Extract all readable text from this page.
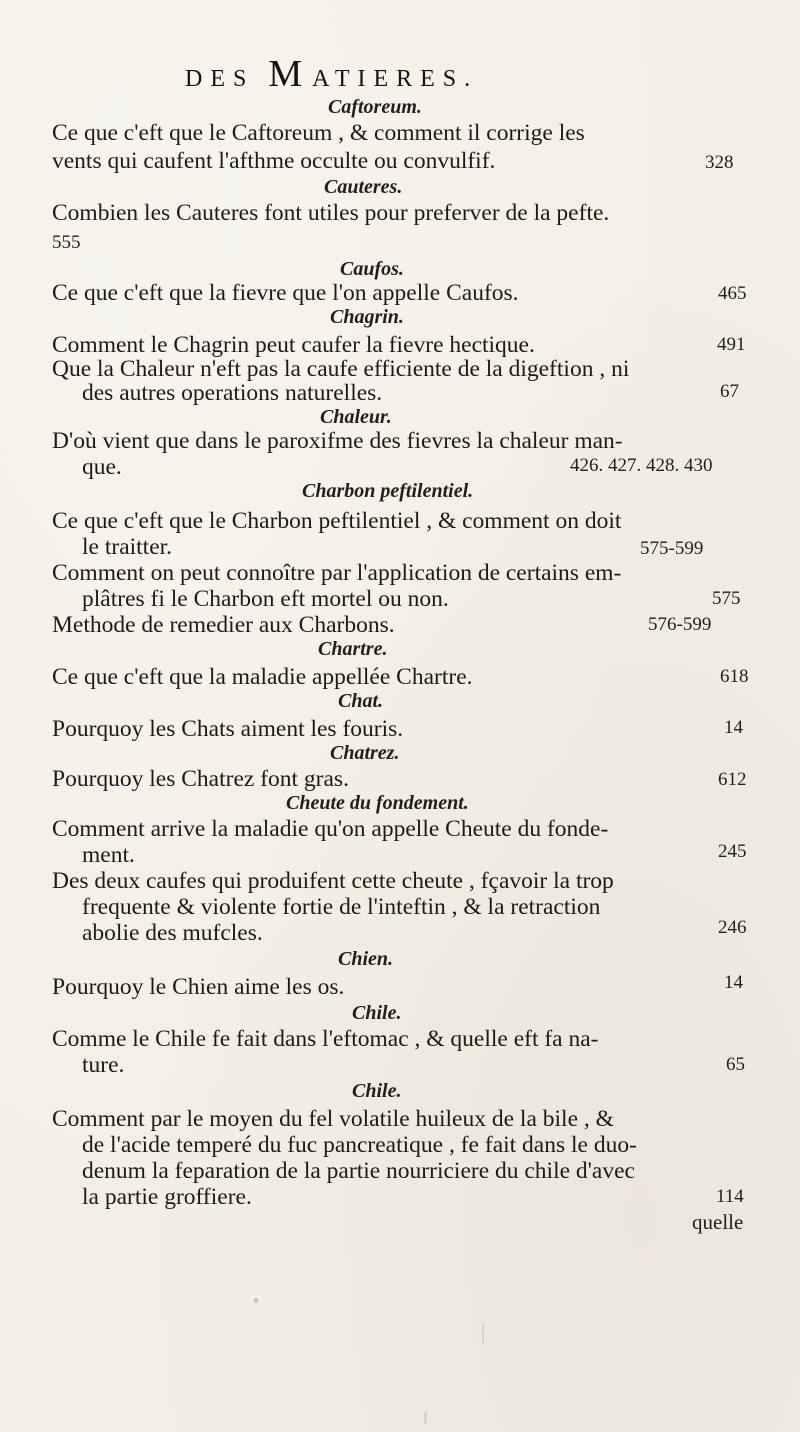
DES MATIERES.
Caftoreum.
Ce que c'eft que le Caftoreum , & comment il corrige les
vents qui caufent l'afthme occulte ou convulfif.	328
Cauteres.
Combien les Cauteres font utiles pour preferver de la pefte.
555
Caufos.
Ce que c'eft que la fievre que l'on appelle Caufos.	465
Chagrin.
Comment le Chagrin peut caufer la fievre hectique.	491
Que la Chaleur n'eft pas la caufe efficiente de la digeftion , ni
des autres operations naturelles.	67
Chaleur.
D'où vient que dans le paroxifme des fievres la chaleur man-
que.	426. 427. 428. 430
Charbon peftilentiel.
Ce que c'eft que le Charbon peftilentiel , & comment on doit
le traitter.	575-599
Comment on peut connoître par l'application de certains em-
plâtres fi le Charbon eft mortel ou non.	575
Methode de remedier aux Charbons.	576-599
Chartre.
Ce que c'eft que la maladie appellée Chartre.	618
Chat.
Pourquoy les Chats aiment les fouris.	14
Chatrez.
Pourquoy les Chatrez font gras.	612
Cheute du fondement.
Comment arrive la maladie qu'on appelle Cheute du fonde-
ment.	245
Des deux caufes qui produifent cette cheute , fçavoir la trop
frequente & violente fortie de l'inteftin , & la retraction
abolie des mufcles.	246
Chien.
Pourquoy le Chien aime les os.	14
Chile.
Comme le Chile fe fait dans l'eftomac , & quelle eft fa na-
ture.	65
Chile.
Comment par le moyen du fel volatile huileux de la bile , &
de l'acide temperé du fuc pancreatique , fe fait dans le duo-
denum la feparation de la partie nourriciere du chile d'avec
la partie groffiere.	114
quelle
